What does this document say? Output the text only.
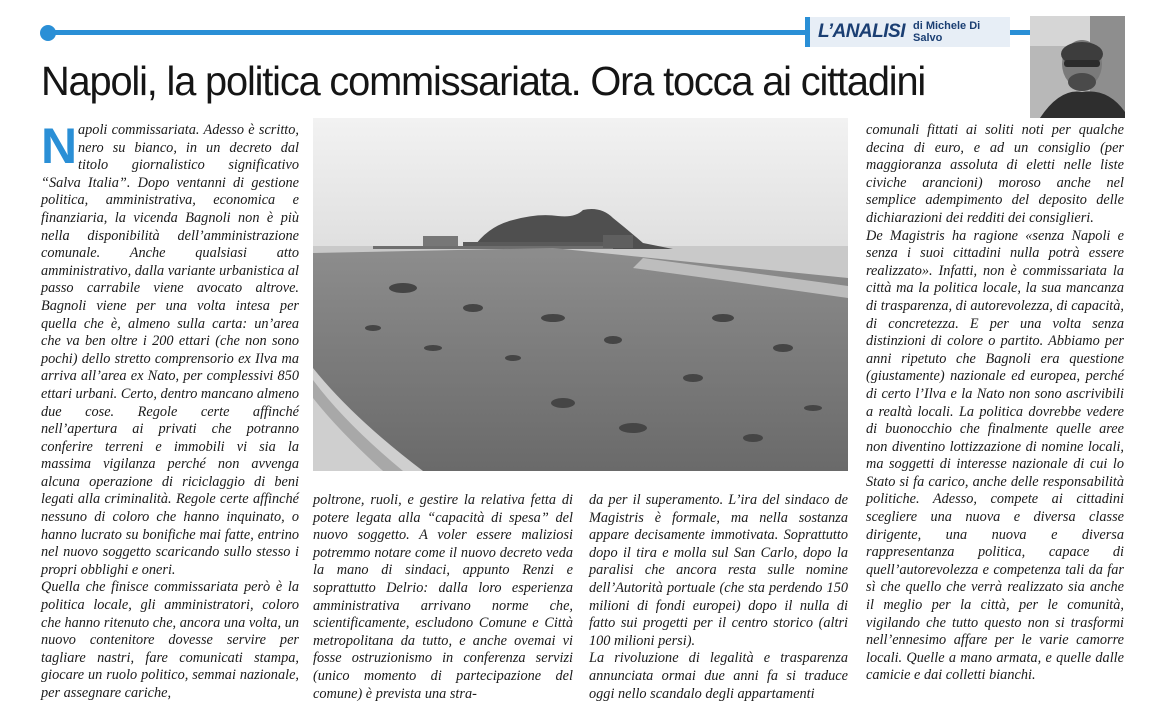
L’ANALISI di Michele Di Salvo
Napoli, la politica commissariata. Ora tocca ai cittadini

N apoli commissariata. Adesso è scritto, nero su bianco, in un decreto dal titolo giornalistico significativo “Salva Italia”. Dopo ventanni di gestione politica, amministrativa, economica e finanziaria, la vicenda Bagnoli non è più nella disponibilità dell’amministrazione comunale. Anche qualsiasi atto amministrativo, dalla variante urbanistica al passo carrabile viene avocato altrove. Bagnoli viene per una volta intesa per quella che è, almeno sulla carta: un’area che va ben oltre i 200 ettari (che non sono pochi) dello stretto comprensorio ex Ilva ma arriva all’area ex Nato, per complessivi 850 ettari urbani. Certo, dentro mancano almeno due cose. Regole certe affinché nell’apertura ai privati che potranno conferire terreni e immobili vi sia la massima vigilanza perché non avvenga alcuna operazione di riciclaggio di beni legati alla criminalità. Regole certe affinché nessuno di coloro che hanno inquinato, o hanno lucrato su bonifiche mai fatte, entrino nel nuovo soggetto scaricando sullo stesso i propri obblighi e oneri.

Quella che finisce commissariata però è la politica locale, gli amministratori, coloro che hanno ritenuto che, ancora una volta, un nuovo contenitore dovesse servire per tagliare nastri, fare comunicati stampa, giocare un ruolo politico, semmai nazionale, per assegnare cariche,

poltrone, ruoli, e gestire la relativa fetta di potere legata alla “capacità di spesa” del nuovo soggetto. A voler essere maliziosi potremmo notare come il nuovo decreto veda la mano di sindaci, appunto Renzi e soprattutto Delrio: dalla loro esperienza amministrativa arrivano norme che, scientificamente, escludono Comune e Città metropolitana da tutto, e anche ovemai vi fosse ostruzionismo in conferenza servizi (unico momento di partecipazione del comune) è prevista una stra-

da per il superamento. L’ira del sindaco de Magistris è formale, ma nella sostanza appare decisamente immotivata. Soprattutto dopo il tira e molla sul San Carlo, dopo la paralisi che ancora resta sulle nomine dell’Autorità portuale (che sta perdendo 150 milioni di fondi europei) dopo il nulla di fatto sui progetti per il centro storico (altri 100 milioni persi).

La rivoluzione di legalità e trasparenza annunciata ormai due anni fa si traduce oggi nello scandalo degli appartamenti

comunali fittati ai soliti noti per qualche decina di euro, e ad un consiglio (per maggioranza assoluta di eletti nelle liste civiche arancioni) moroso anche nel semplice adempimento del deposito delle dichiarazioni dei redditi dei consiglieri.

De Magistris ha ragione «senza Napoli e senza i suoi cittadini nulla potrà essere realizzato». Infatti, non è commissariata la città ma la politica locale, la sua mancanza di trasparenza, di autorevolezza, di capacità, di concretezza. E per una volta senza distinzioni di colore o partito. Abbiamo per anni ripetuto che Bagnoli era questione (giustamente) nazionale ed europea, perché di certo l’Ilva e la Nato non sono ascrivibili a realtà locali. La politica dovrebbe vedere di buonocchio che finalmente quelle aree non diventino lottizzazione di nomine locali, ma soggetti di interesse nazionale di cui lo Stato si fa carico, anche delle responsabilità politiche. Adesso, compete ai cittadini scegliere una nuova e diversa classe dirigente, una nuova e diversa rappresentanza politica, capace di quell’autorevolezza e competenza tali da far sì che quello che verrà realizzato sia anche il meglio per la città, per le comunità, vigilando che tutto questo non si trasformi nell’ennesimo affare per le varie camorre locali. Quelle a mano armata, e quelle dalle camicie e dai colletti bianchi.
